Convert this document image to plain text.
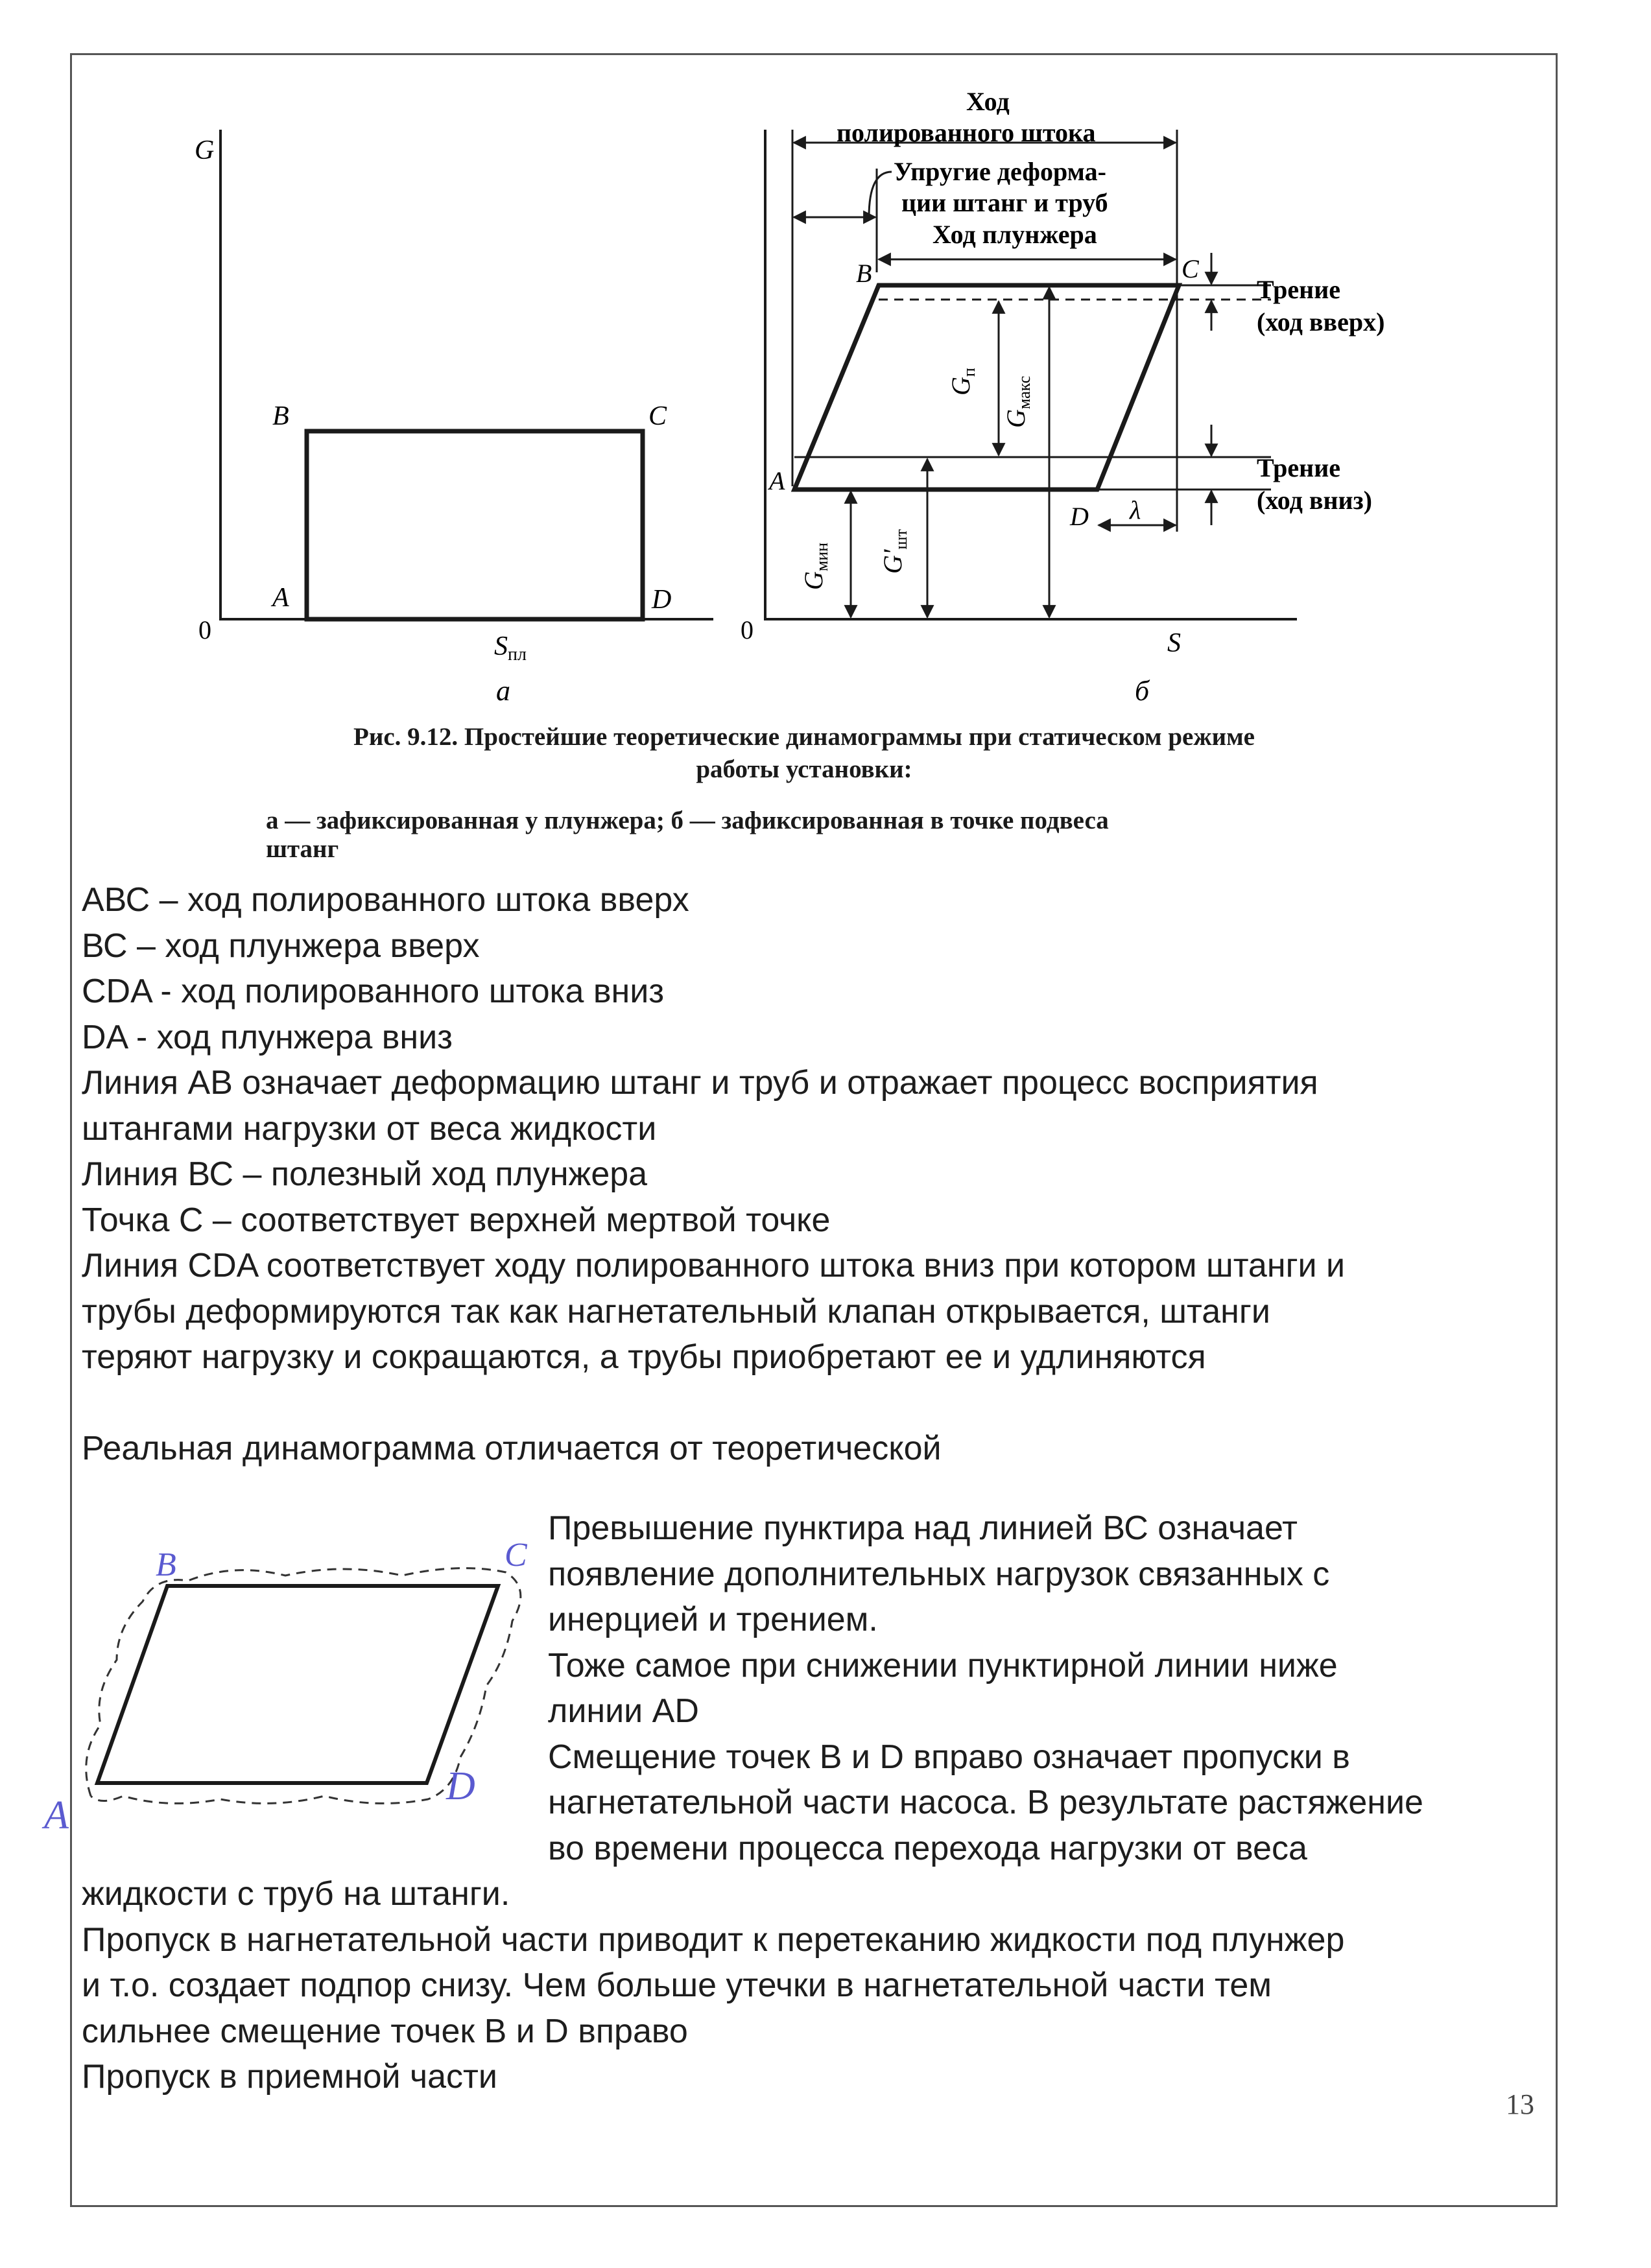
G
0
B	C
A	D
Sпл
a
0	S
B	C
A
D
Ход
полированного штока
Упругие деформа-
ции штанг и труб
Ход плунжера
Трение
(ход вверх)
Трение
(ход вниз)
$G_п$
$G_{макс}$
$G_{мин}$ $G'_{шт}$
λ
б
Рис. 9.12. Простейшие теоретические динамограммы при статическом режиме
работы установки:
а — зафиксированная у плунжера; б — зафиксированная в точке подвеса
штанг

АВС – ход полированного штока вверх

ВС – ход плунжера вверх

CDA - ход полированного штока вниз

DA - ход плунжера вниз

Линия АВ означает деформацию штанг и труб и отражает процесс восприятия

штангами нагрузки от веса жидкости

Линия ВС – полезный ход плунжера

Точка С – соответствует верхней мертвой точке

Линия CDA соответствует ходу полированного штока вниз при котором штанги и

трубы деформируются так как нагнетательный клапан открывается, штанги

теряют нагрузку и сокращаются, а трубы приобретают ее и удлиняются

Реальная динамограмма отличается от теоретической

B	C
A
D

Превышение пунктира над линией ВС означает

появление дополнительных нагрузок связанных с

инерцией и трением.

Тоже самое при снижении пунктирной линии ниже

линии AD

Смещение точек В и D вправо означает пропуски в

нагнетательной части насоса. В результате растяжение

во времени процесса перехода нагрузки от веса

жидкости с труб на штанги.

Пропуск в нагнетательной части приводит к перетеканию жидкости под плунжер

и т.о. создает подпор снизу. Чем больше утечки в нагнетательной части тем

сильнее смещение точек В и D вправо

Пропуск в приемной части

13
